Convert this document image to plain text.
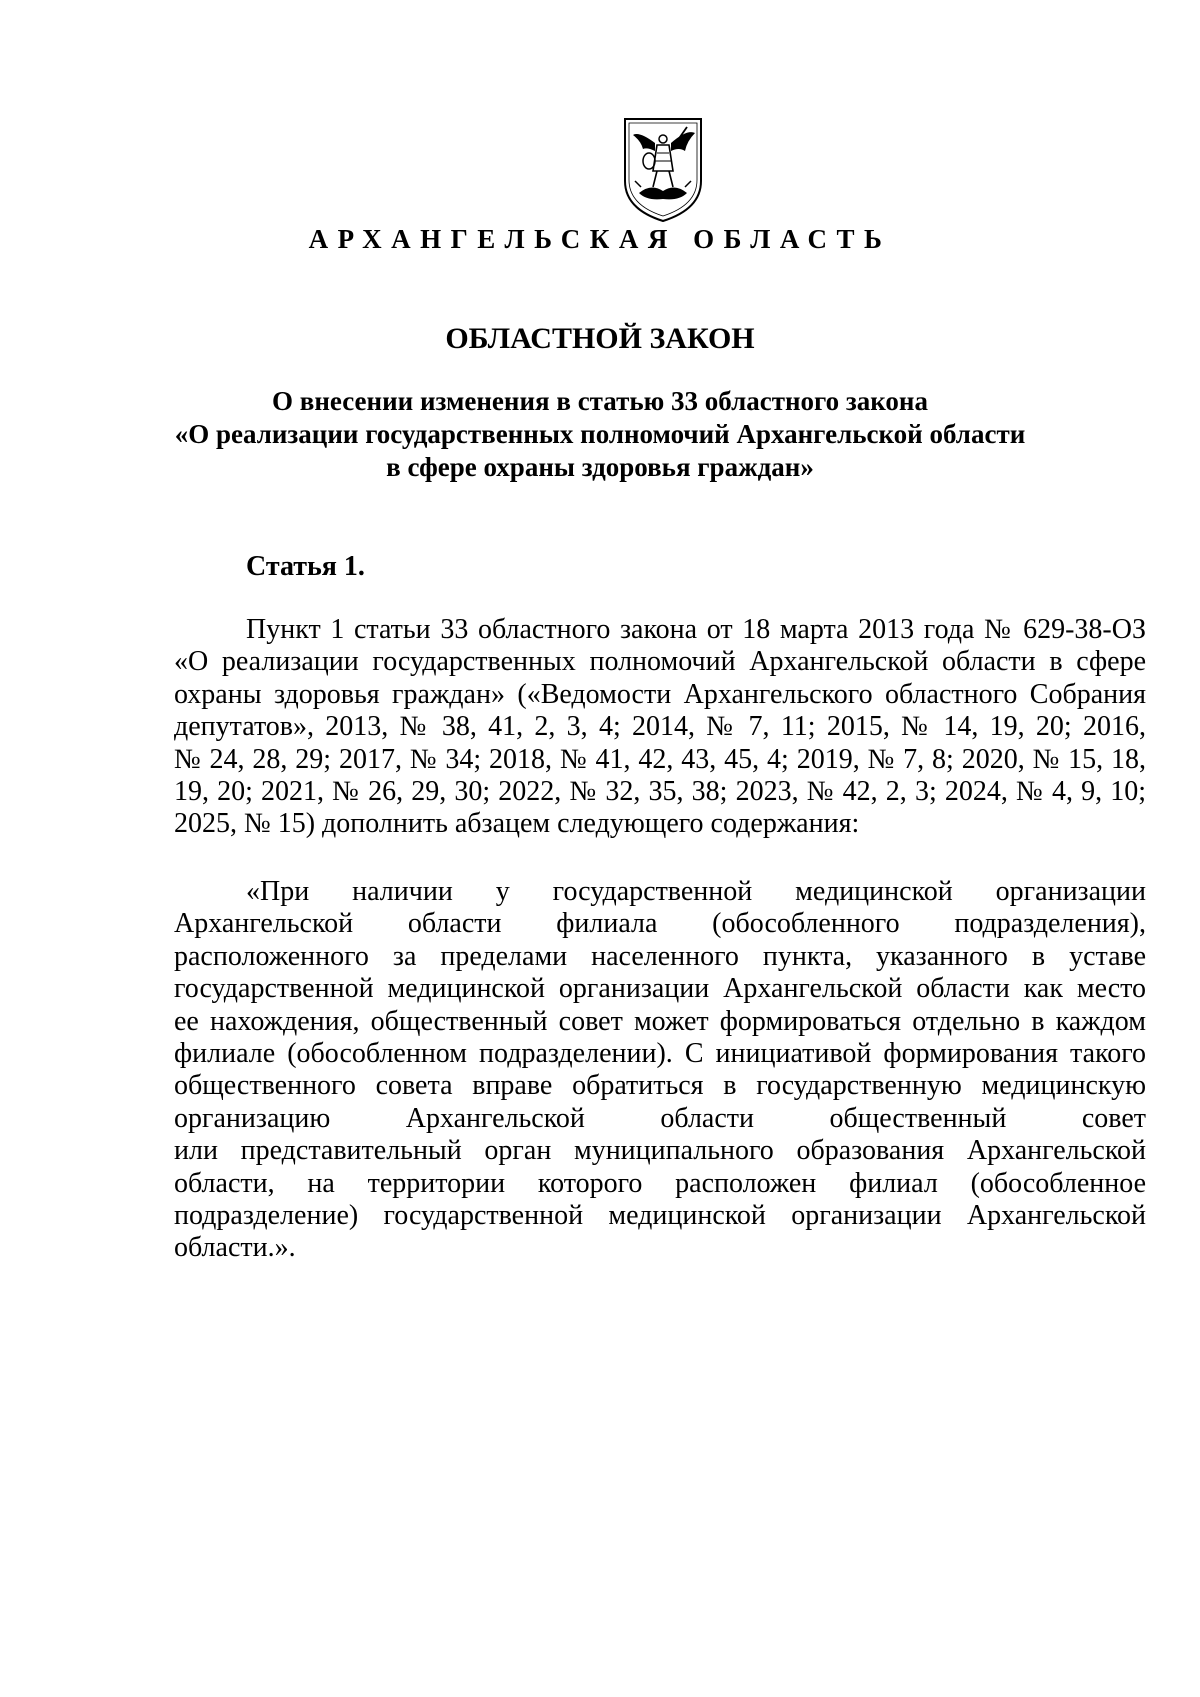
АРХАНГЕЛЬСКАЯ ОБЛАСТЬ
ОБЛАСТНОЙ ЗАКОН
О внесении изменения в статью 33 областного закона
«О реализации государственных полномочий Архангельской области
в сфере охраны здоровья граждан»
Статья 1.
Пункт 1 статьи 33 областного закона от 18 марта 2013 года № 629-38-ОЗ
«О реализации государственных полномочий Архангельской области в сфере
охраны здоровья граждан» («Ведомости Архангельского областного Собрания
депутатов», 2013, № 38, 41, 2, 3, 4; 2014, № 7, 11; 2015, № 14, 19, 20; 2016,
№ 24, 28, 29; 2017, № 34; 2018, № 41, 42, 43, 45, 4; 2019, № 7, 8; 2020, № 15, 18,
19, 20; 2021, № 26, 29, 30; 2022, № 32, 35, 38; 2023, № 42, 2, 3; 2024, № 4, 9, 10;
2025, № 15) дополнить абзацем следующего содержания:
«При наличии у государственной медицинской организации
Архангельской области филиала (обособленного подразделения),
расположенного за пределами населенного пункта, указанного в уставе
государственной медицинской организации Архангельской области как место
ее нахождения, общественный совет может формироваться отдельно в каждом
филиале (обособленном подразделении). С инициативой формирования такого
общественного совета вправе обратиться в государственную медицинскую
организацию Архангельской области общественный совет
или представительный орган муниципального образования Архангельской
области, на территории которого расположен филиал (обособленное
подразделение) государственной медицинской организации Архангельской
области.».
